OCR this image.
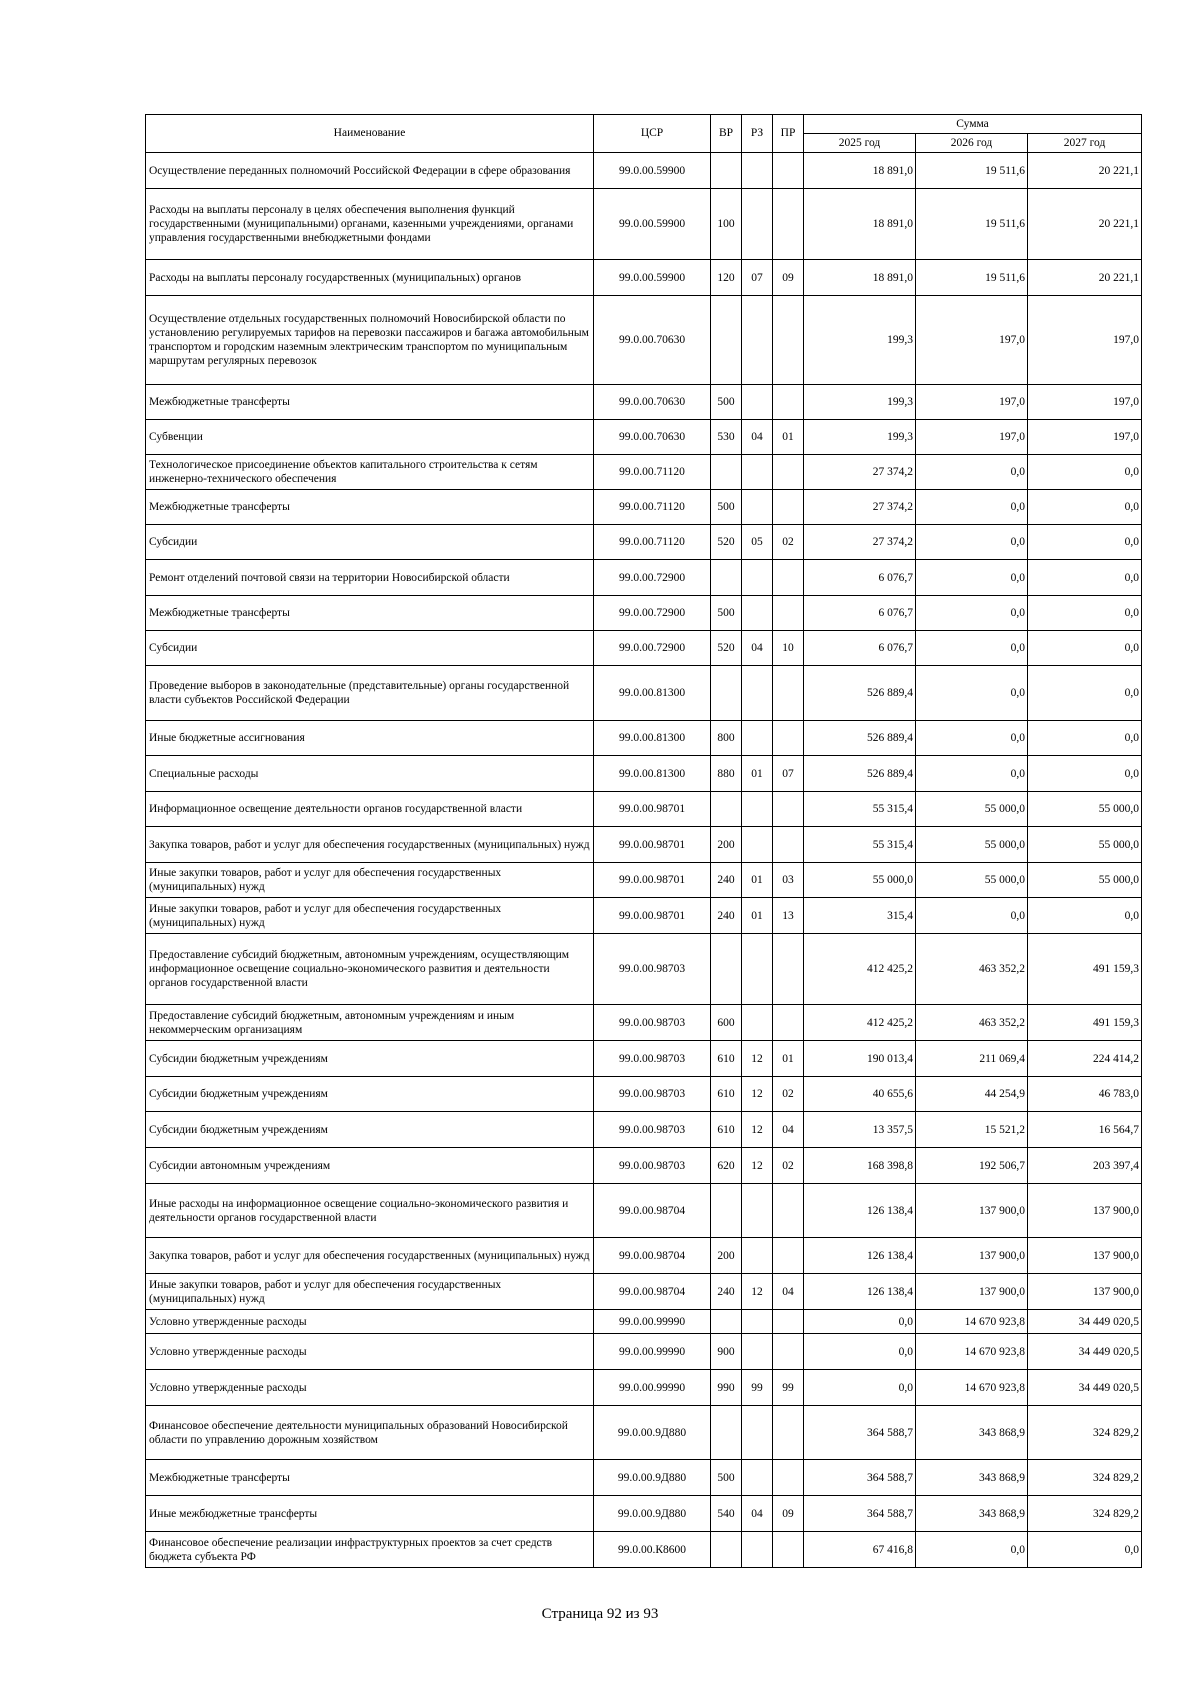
Наименование	ЦСР	ВР	РЗ	ПР	Сумма		
					2025 год	2026 год	2027 год
Осуществление переданных полномочий Российской Федерации в сфере образования	99.0.00.59900				18 891,0	19 511,6	20 221,1
Расходы на выплаты персоналу в целях обеспечения выполнения функций государственными (муниципальными) органами, казенными учреждениями, органами управления государственными внебюджетными фондами	99.0.00.59900	100			18 891,0	19 511,6	20 221,1
Расходы на выплаты персоналу государственных (муниципальных) органов	99.0.00.59900	120	07	09	18 891,0	19 511,6	20 221,1
Осуществление отдельных государственных полномочий Новосибирской области по установлению регулируемых тарифов на перевозки пассажиров и багажа автомобильным транспортом и городским наземным электрическим транспортом по муниципальным маршрутам регулярных перевозок	99.0.00.70630				199,3	197,0	197,0
Межбюджетные трансферты	99.0.00.70630	500			199,3	197,0	197,0
Субвенции	99.0.00.70630	530	04	01	199,3	197,0	197,0
Технологическое присоединение объектов капитального строительства к сетям инженерно-технического обеспечения	99.0.00.71120				27 374,2	0,0	0,0
Межбюджетные трансферты	99.0.00.71120	500			27 374,2	0,0	0,0
Субсидии	99.0.00.71120	520	05	02	27 374,2	0,0	0,0
Ремонт отделений почтовой связи на территории Новосибирской области	99.0.00.72900				6 076,7	0,0	0,0
Межбюджетные трансферты	99.0.00.72900	500			6 076,7	0,0	0,0
Субсидии	99.0.00.72900	520	04	10	6 076,7	0,0	0,0
Проведение выборов в законодательные (представительные) органы государственной власти субъектов Российской Федерации	99.0.00.81300				526 889,4	0,0	0,0
Иные бюджетные ассигнования	99.0.00.81300	800			526 889,4	0,0	0,0
Специальные расходы	99.0.00.81300	880	01	07	526 889,4	0,0	0,0
Информационное освещение деятельности органов государственной власти	99.0.00.98701				55 315,4	55 000,0	55 000,0
Закупка товаров, работ и услуг для обеспечения государственных (муниципальных) нужд	99.0.00.98701	200			55 315,4	55 000,0	55 000,0
Иные закупки товаров, работ и услуг для обеспечения государственных (муниципальных) нужд	99.0.00.98701	240	01	03	55 000,0	55 000,0	55 000,0
Иные закупки товаров, работ и услуг для обеспечения государственных (муниципальных) нужд	99.0.00.98701	240	01	13	315,4	0,0	0,0
Предоставление субсидий бюджетным, автономным учреждениям, осуществляющим информационное освещение социально-экономического развития и деятельности органов государственной власти	99.0.00.98703				412 425,2	463 352,2	491 159,3
Предоставление субсидий бюджетным, автономным учреждениям и иным некоммерческим организациям	99.0.00.98703	600			412 425,2	463 352,2	491 159,3
Субсидии бюджетным учреждениям	99.0.00.98703	610	12	01	190 013,4	211 069,4	224 414,2
Субсидии бюджетным учреждениям	99.0.00.98703	610	12	02	40 655,6	44 254,9	46 783,0
Субсидии бюджетным учреждениям	99.0.00.98703	610	12	04	13 357,5	15 521,2	16 564,7
Субсидии автономным учреждениям	99.0.00.98703	620	12	02	168 398,8	192 506,7	203 397,4
Иные расходы на информационное освещение социально-экономического развития и деятельности органов государственной власти	99.0.00.98704				126 138,4	137 900,0	137 900,0
Закупка товаров, работ и услуг для обеспечения государственных (муниципальных) нужд	99.0.00.98704	200			126 138,4	137 900,0	137 900,0
Иные закупки товаров, работ и услуг для обеспечения государственных (муниципальных) нужд	99.0.00.98704	240	12	04	126 138,4	137 900,0	137 900,0
Условно утвержденные расходы	99.0.00.99990				0,0	14 670 923,8	34 449 020,5
Условно утвержденные расходы	99.0.00.99990	900			0,0	14 670 923,8	34 449 020,5
Условно утвержденные расходы	99.0.00.99990	990	99	99	0,0	14 670 923,8	34 449 020,5
Финансовое обеспечение деятельности муниципальных образований Новосибирской области по управлению дорожным хозяйством	99.0.00.9Д880				364 588,7	343 868,9	324 829,2
Межбюджетные трансферты	99.0.00.9Д880	500			364 588,7	343 868,9	324 829,2
Иные межбюджетные трансферты	99.0.00.9Д880	540	04	09	364 588,7	343 868,9	324 829,2
Финансовое обеспечение реализации инфраструктурных проектов за счет средств бюджета субъекта РФ	99.0.00.К8600				67 416,8	0,0	0,0
Страница 92 из 93
